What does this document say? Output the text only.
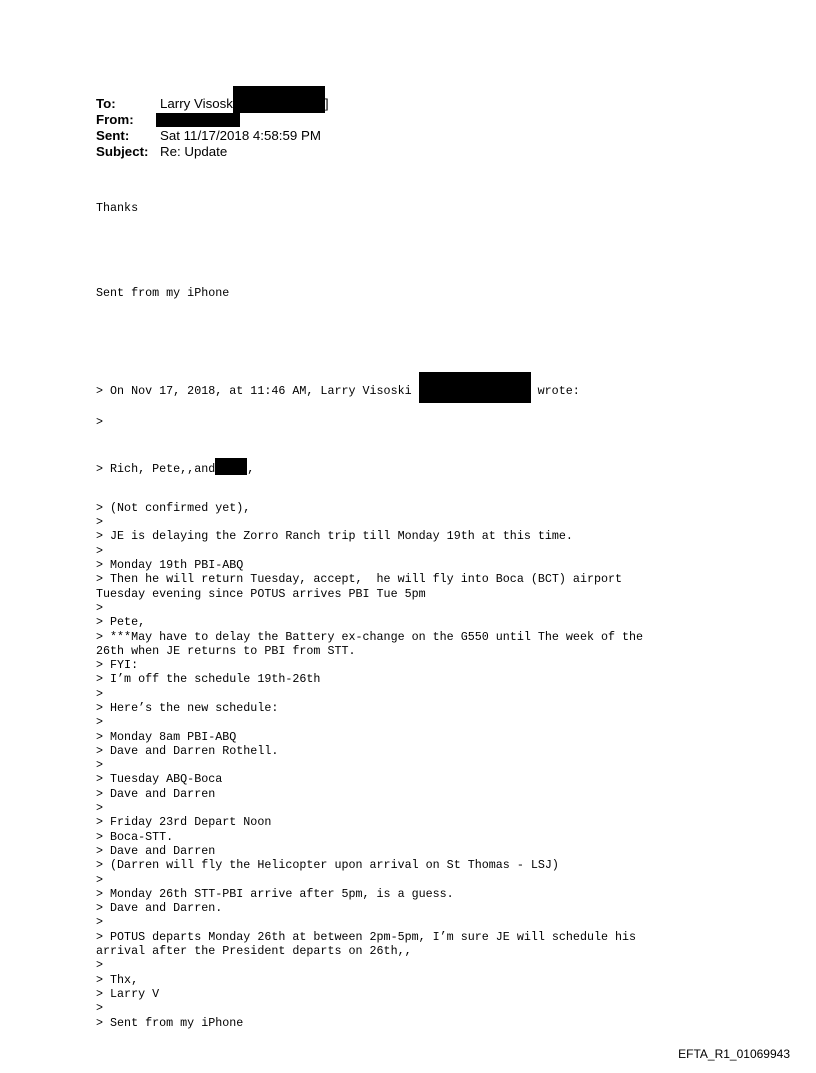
To:	Larry Visosk	]
From:
Sent:	Sat 11/17/2018 4:58:59 PM
Subject: Re: Update

Thanks

Sent from my iPhone

> On Nov 17, 2018, at 11:46 AM, Larry Visoski	wrote:

>

> Rich, Pete,,and	,

> (Not confirmed yet),
>
> JE is delaying the Zorro Ranch trip till Monday 19th at this time.
>
> Monday 19th PBI-ABQ
> Then he will return Tuesday, accept,  he will fly into Boca (BCT) airport
Tuesday evening since POTUS arrives PBI Tue 5pm
>
> Pete,
> ***May have to delay the Battery ex-change on the G550 until The week of the
26th when JE returns to PBI from STT.
> FYI:
> I’m off the schedule 19th-26th
>
> Here’s the new schedule:
>
> Monday 8am PBI-ABQ
> Dave and Darren Rothell.
>
> Tuesday ABQ-Boca
> Dave and Darren
>
> Friday 23rd Depart Noon
> Boca-STT.
> Dave and Darren
> (Darren will fly the Helicopter upon arrival on St Thomas - LSJ)
>
> Monday 26th STT-PBI arrive after 5pm, is a guess.
> Dave and Darren.
>
> POTUS departs Monday 26th at between 2pm-5pm, I’m sure JE will schedule his
arrival after the President departs on 26th,,
>
> Thx,
> Larry V
>
> Sent from my iPhone

EFTA_R1_01069943
